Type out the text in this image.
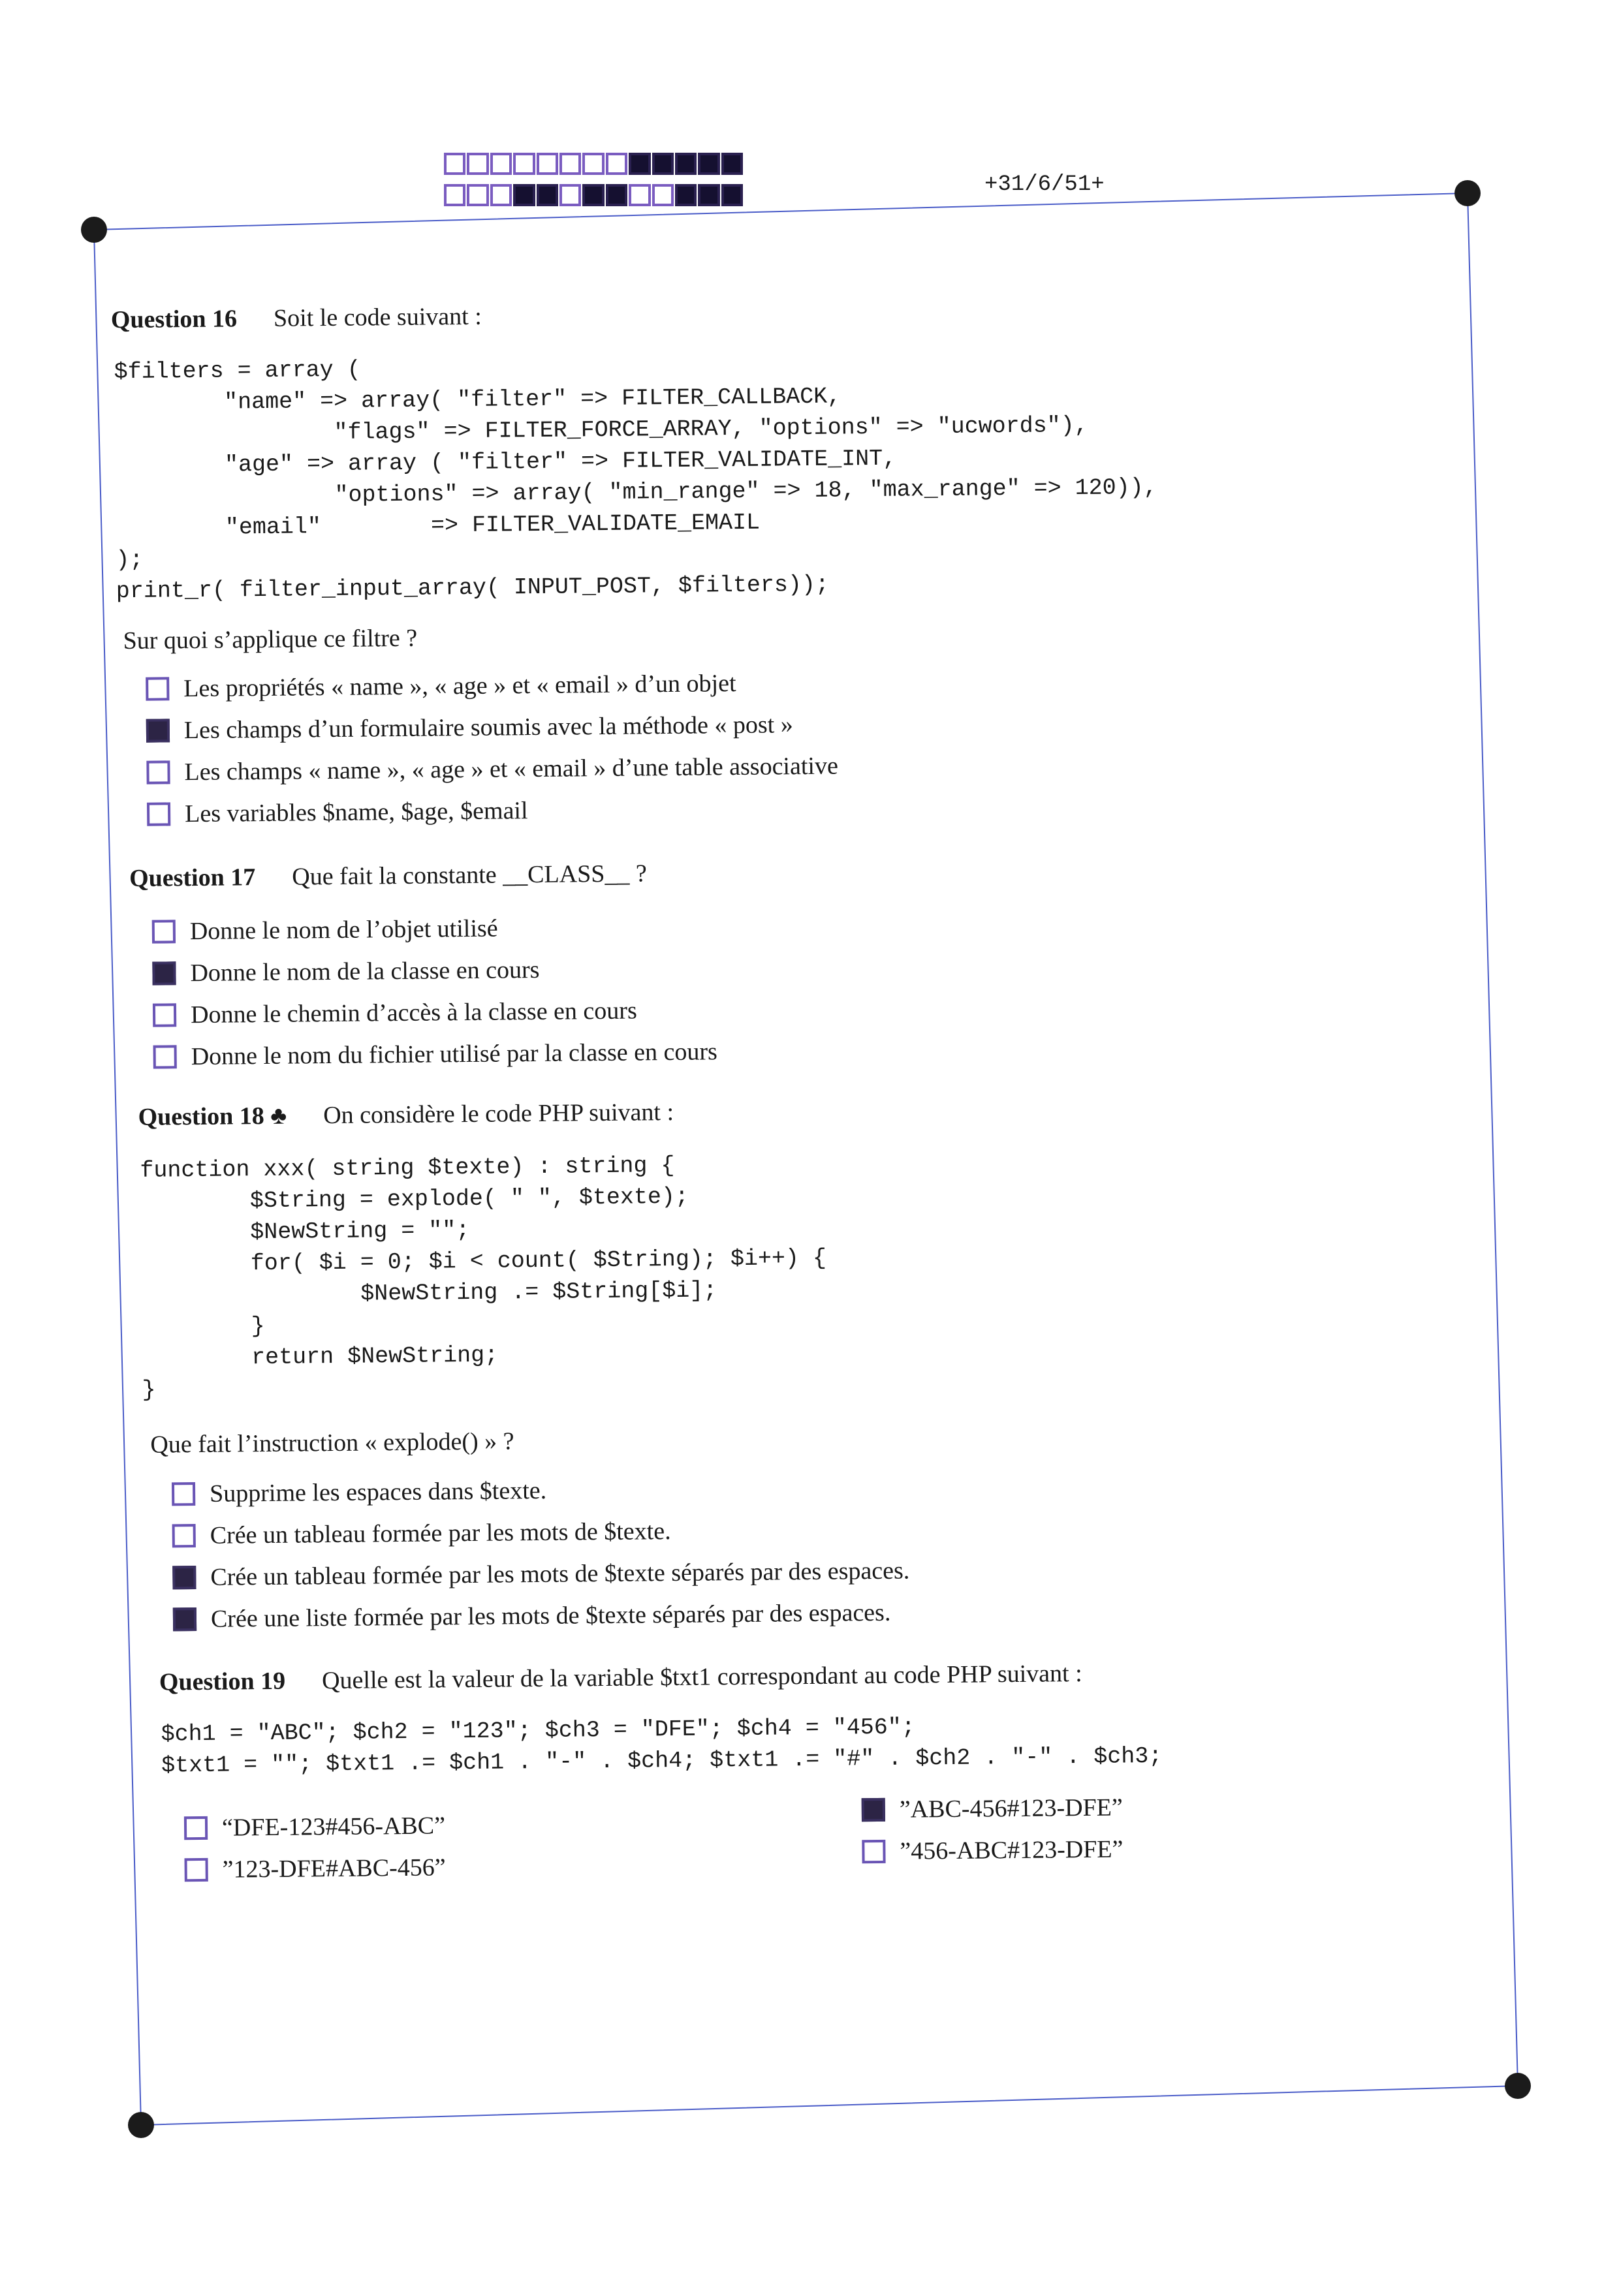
+31/6/51+
Question 16 Soit le code suivant :
$filters = array (
"name" => array( "filter" => FILTER_CALLBACK,
"flags" => FILTER_FORCE_ARRAY, "options" => "ucwords"),
"age" => array ( "filter" => FILTER_VALIDATE_INT,
"options" => array( "min_range" => 18, "max_range" => 120)),
"email"        => FILTER_VALIDATE_EMAIL
);
print_r( filter_input_array( INPUT_POST, $filters));
Sur quoi s’applique ce filtre ?
Les propriétés « name », « age » et « email » d’un objet
Les champs d’un formulaire soumis avec la méthode « post »
Les champs « name », « age » et « email » d’une table associative
Les variables $name, $age, $email
Question 17 Que fait la constante __CLASS__ ?
Donne le nom de l’objet utilisé
Donne le nom de la classe en cours
Donne le chemin d’accès à la classe en cours
Donne le nom du fichier utilisé par la classe en cours
Question 18 ♣ On considère le code PHP suivant :
function xxx( string $texte) : string {
$String = explode( " ", $texte);
$NewString = "";
for( $i = 0; $i < count( $String); $i++) {
$NewString .= $String[$i];
}
return $NewString;
}
Que fait l’instruction « explode() » ?
Supprime les espaces dans $texte.
Crée un tableau formée par les mots de $texte.
Crée un tableau formée par les mots de $texte séparés par des espaces.
Crée une liste formée par les mots de $texte séparés par des espaces.
Question 19 Quelle est la valeur de la variable $txt1 correspondant au code PHP suivant :
$ch1 = "ABC"; $ch2 = "123"; $ch3 = "DFE"; $ch4 = "456";
$txt1 = ""; $txt1 .= $ch1 . "-" . $ch4; $txt1 .= "#" . $ch2 . "-" . $ch3;
“DFE-123#456-ABC”
”123-DFE#ABC-456”
”ABC-456#123-DFE”
”456-ABC#123-DFE”
